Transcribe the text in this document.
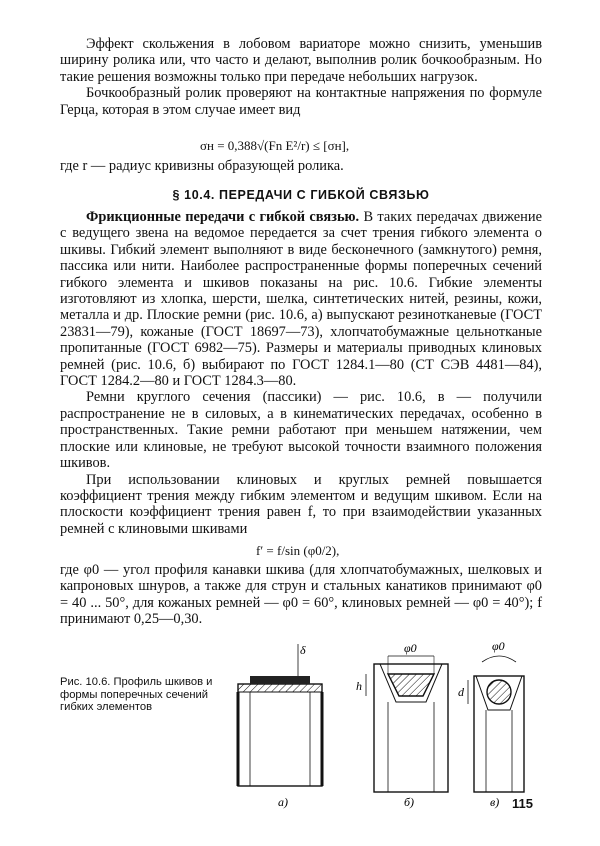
Эффект скольжения в лобовом вариаторе можно снизить, уменьшив ширину ролика или, что часто и делают, выполнив ролик бочкообразным. Но такие решения возможны только при передаче небольших нагрузок.

Бочкообразный ролик проверяют на контактные напряжения по формуле Герца, которая в этом случае имеет вид

σн = 0,388√(Fn E²/r) ≤ [σн],

где r — радиус кривизны образующей ролика.

§ 10.4. ПЕРЕДАЧИ С ГИБКОЙ СВЯЗЬЮ

Фрикционные передачи с гибкой связью. В таких передачах движение с ведущего звена на ведомое передается за счет трения гибкого элемента о шкивы. Гибкий элемент выполняют в виде бесконечного (замкнутого) ремня, пассика или нити. Наиболее распространенные формы поперечных сечений гибкого элемента и шкивов показаны на рис. 10.6. Гибкие элементы изготовляют из хлопка, шерсти, шелка, синтетических нитей, резины, кожи, металла и др. Плоские ремни (рис. 10.6, а) выпускают резинотканевые (ГОСТ 23831—79), кожаные (ГОСТ 18697—73), хлопчатобумажные цельнотканые пропитанные (ГОСТ 6982—75). Размеры и материалы приводных клиновых ремней (рис. 10.6, б) выбирают по ГОСТ 1284.1—80 (СТ СЭВ 4481—84), ГОСТ 1284.2—80 и ГОСТ 1284.3—80.

Ремни круглого сечения (пассики) — рис. 10.6, в — получили распространение не в силовых, а в кинематических передачах, особенно в пространственных. Такие ремни работают при меньшем натяжении, чем плоские или клиновые, не требуют высокой точности взаимного положения шкивов.

При использовании клиновых и круглых ремней повышается коэффициент трения между гибким элементом и ведущим шкивом. Если на плоскости коэффициент трения равен f, то при взаимодействии указанных ремней с клиновыми шкивами

f′ = f/sin (φ0/2),

где φ0 — угол профиля канавки шкива (для хлопчатобумажных, шелковых и капроновых шнуров, а также для струн и стальных канатиков принимают φ0 = 40 ... 50°, для кожаных ремней — φ0 = 60°, клиновых ремней — φ0 = 40°); f принимают 0,25—0,30.

Рис. 10.6. Профиль шкивов и формы поперечных сечений гибких элементов
δ
а)
φ0
h
б)
φ0
d
в) 115
